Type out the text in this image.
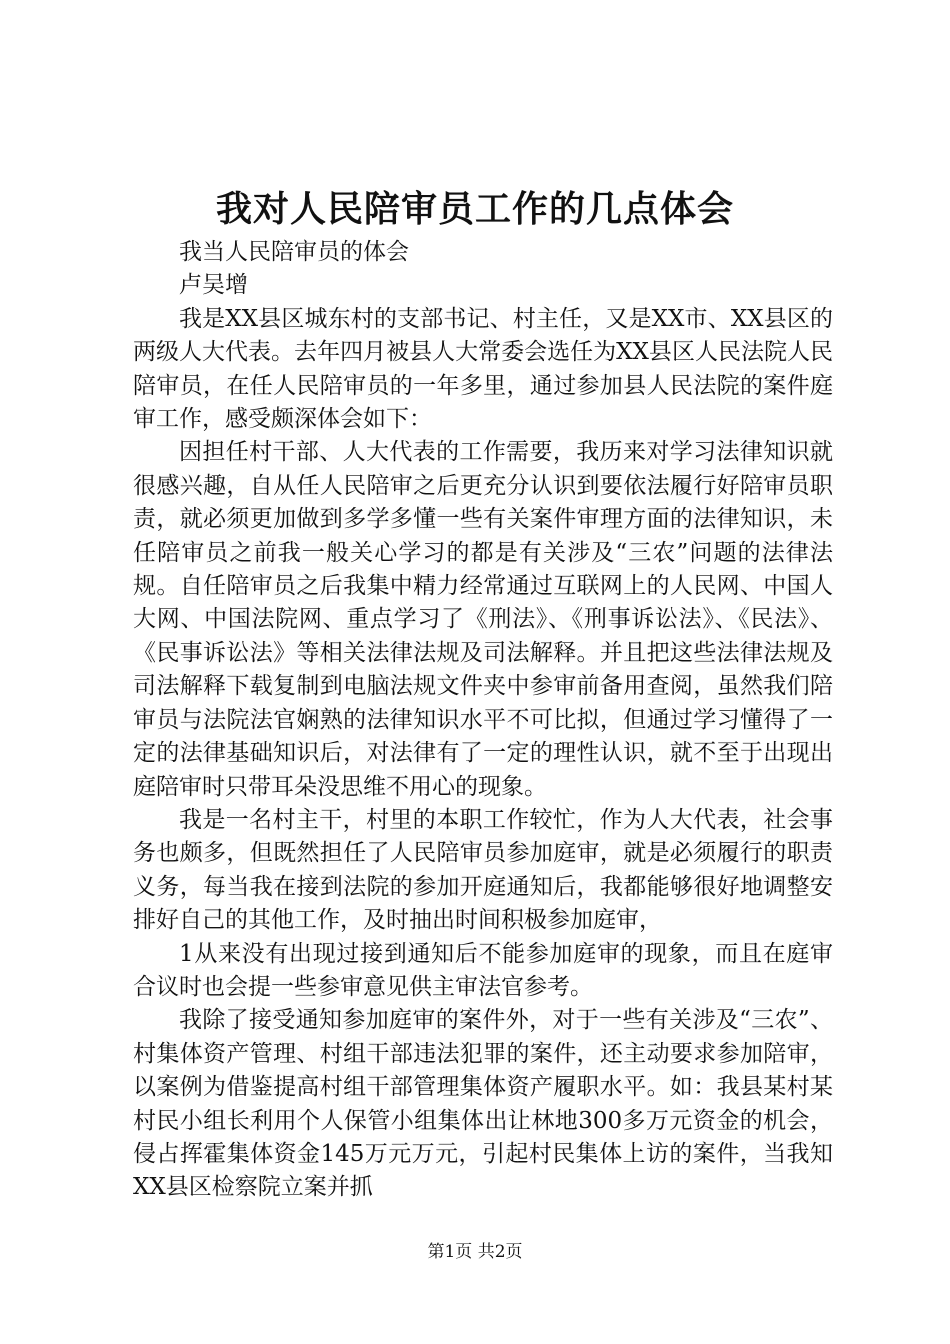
我对人民陪审员工作的几点体会

我当人民陪审员的体会

卢吴增

我是XX县区城东村的支部书记、村主任，又是XX市、XX县区的两级人大代表。去年四月被县人大常委会选任为XX县区人民法院人民陪审员，在任人民陪审员的一年多里，通过参加县人民法院的案件庭审工作，感受颇深体会如下：

因担任村干部、人大代表的工作需要，我历来对学习法律知识就很感兴趣，自从任人民陪审之后更充分认识到要依法履行好陪审员职责，就必须更加做到多学多懂一些有关案件审理方面的法律知识，未任陪审员之前我一般关心学习的都是有关涉及“三农”问题的法律法规。自任陪审员之后我集中精力经常通过互联网上的人民网、中国人大网、中国法院网、重点学习了《刑法》、《刑事诉讼法》、《民法》、《民事诉讼法》等相关法律法规及司法解释。并且把这些法律法规及司法解释下载复制到电脑法规文件夹中参审前备用查阅，虽然我们陪审员与法院法官娴熟的法律知识水平不可比拟，但通过学习懂得了一定的法律基础知识后，对法律有了一定的理性认识，就不至于出现出庭陪审时只带耳朵没思维不用心的现象。

我是一名村主干，村里的本职工作较忙，作为人大代表，社会事务也颇多，但既然担任了人民陪审员参加庭审，就是必须履行的职责义务，每当我在接到法院的参加开庭通知后，我都能够很好地调整安排好自己的其他工作，及时抽出时间积极参加庭审，

1从来没有出现过接到通知后不能参加庭审的现象，而且在庭审合议时也会提一些参审意见供主审法官参考。

我除了接受通知参加庭审的案件外，对于一些有关涉及“三农”、村集体资产管理、村组干部违法犯罪的案件，还主动要求参加陪审，以案例为借鉴提高村组干部管理集体资产履职水平。如：我县某村某村民小组长利用个人保管小组集体出让林地300多万元资金的机会，侵占挥霍集体资金145万元万元，引起村民集体上访的案件，当我知XX县区检察院立案并抓

第1页 共2页
